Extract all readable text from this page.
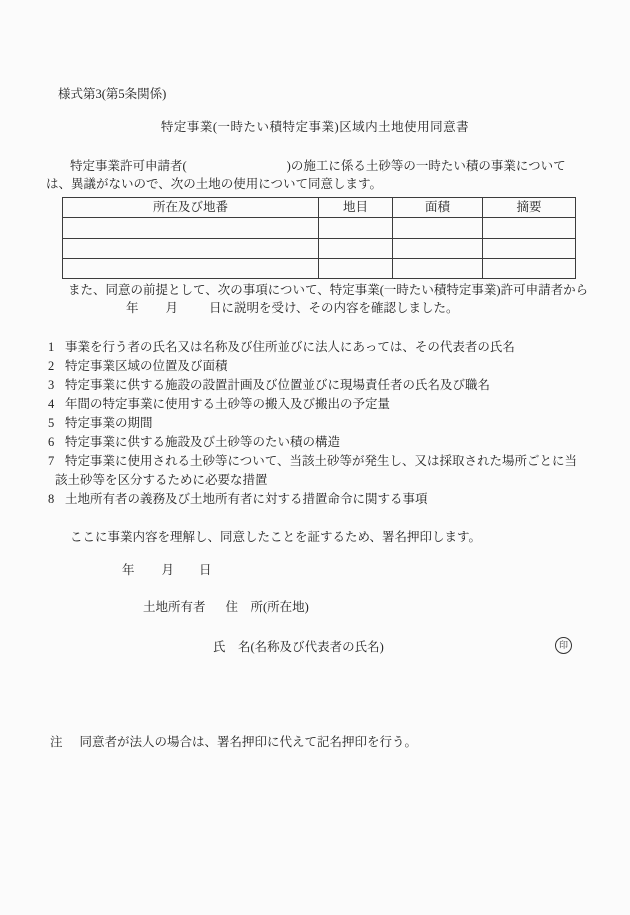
様式第3(第5条関係)
特定事業(一時たい積特定事業)区域内土地使用同意書
特定事業許可申請者(	)の施工に係る土砂等の一時たい積の事業について
は、異議がないので、次の土地の使用について同意します。
所在及び地番	地目	面積	摘要

また、同意の前提として、次の事項について、特定事業(一時たい積特定事業)許可申請者から
年 月 日に説明を受け、その内容を確認しました。
1 事業を行う者の氏名又は名称及び住所並びに法人にあっては、その代表者の氏名
2 特定事業区域の位置及び面積
3 特定事業に供する施設の設置計画及び位置並びに現場責任者の氏名及び職名
4 年間の特定事業に使用する土砂等の搬入及び搬出の予定量
5 特定事業の期間
6 特定事業に供する施設及び土砂等のたい積の構造
7 特定事業に使用される土砂等について、当該土砂等が発生し、又は採取された場所ごとに当該土砂等を区分するために必要な措置
8 土地所有者の義務及び土地所有者に対する措置命令に関する事項
ここに事業内容を理解し、同意したことを証するため、署名押印します。
年 月 日
土地所有者 住　所(所在地)
氏　名(名称及び代表者の氏名)	印
注 同意者が法人の場合は、署名押印に代えて記名押印を行う。
